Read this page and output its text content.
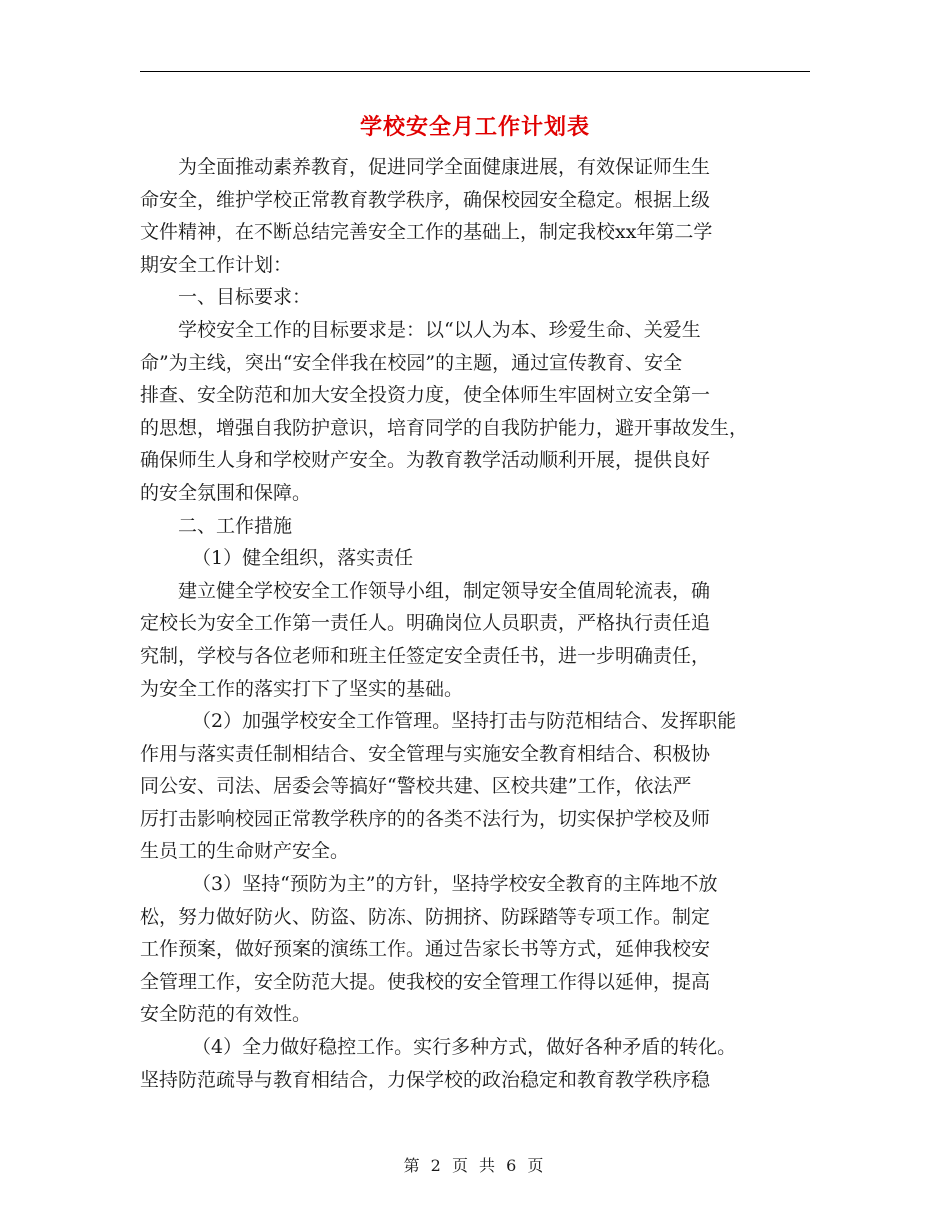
学校安全月工作计划表
为全面推动素养教育，促进同学全面健康进展，有效保证师生生
命安全，维护学校正常教育教学秩序，确保校园安全稳定。根据上级
文件精神，在不断总结完善安全工作的基础上，制定我校xx年第二学
期安全工作计划：
一、目标要求：
学校安全工作的目标要求是：以“以人为本、珍爱生命、关爱生
命”为主线，突出“安全伴我在校园”的主题，通过宣传教育、安全
排查、安全防范和加大安全投资力度，使全体师生牢固树立安全第一
的思想，增强自我防护意识，培育同学的自我防护能力，避开事故发生，
确保师生人身和学校财产安全。为教育教学活动顺利开展，提供良好
的安全氛围和保障。
二、工作措施
（1）健全组织，落实责任
建立健全学校安全工作领导小组，制定领导安全值周轮流表，确
定校长为安全工作第一责任人。明确岗位人员职责，严格执行责任追
究制，学校与各位老师和班主任签定安全责任书，进一步明确责任，
为安全工作的落实打下了坚实的基础。
（2）加强学校安全工作管理。坚持打击与防范相结合、发挥职能
作用与落实责任制相结合、安全管理与实施安全教育相结合、积极协
同公安、司法、居委会等搞好“警校共建、区校共建”工作，依法严
厉打击影响校园正常教学秩序的的各类不法行为，切实保护学校及师
生员工的生命财产安全。
（3）坚持“预防为主”的方针，坚持学校安全教育的主阵地不放
松，努力做好防火、防盗、防冻、防拥挤、防踩踏等专项工作。制定
工作预案，做好预案的演练工作。通过告家长书等方式，延伸我校安
全管理工作，安全防范大提。使我校的安全管理工作得以延伸，提高
安全防范的有效性。
（4）全力做好稳控工作。实行多种方式，做好各种矛盾的转化。
坚持防范疏导与教育相结合，力保学校的政治稳定和教育教学秩序稳
第 2 页 共 6 页
